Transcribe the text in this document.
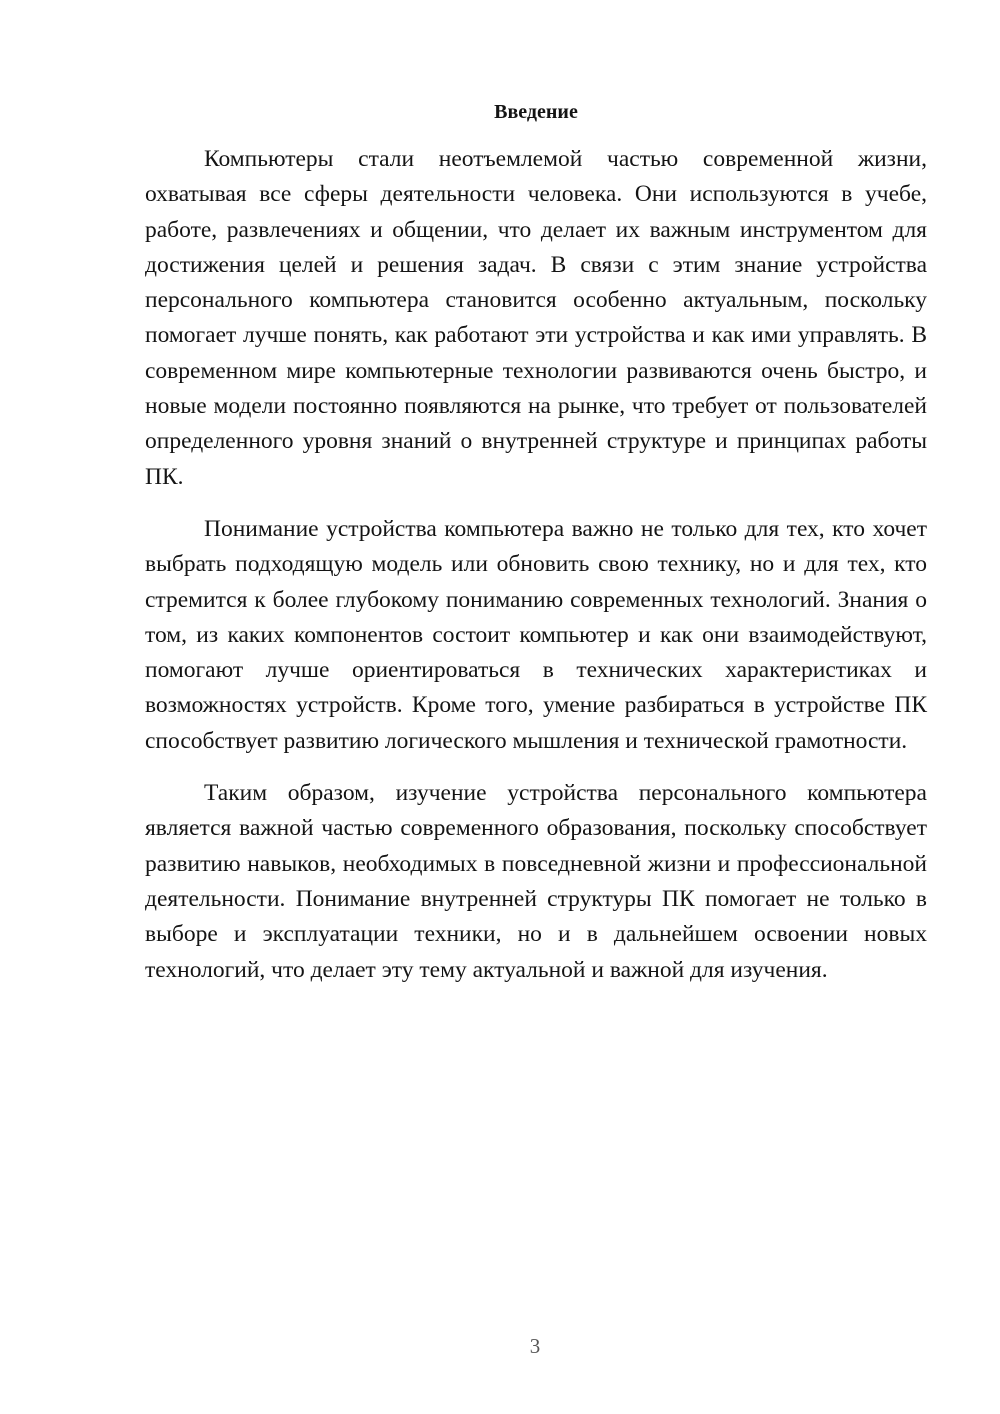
Введение

Компьютеры стали неотъемлемой частью современной жизни, охватывая все сферы деятельности человека. Они используются в учебе, работе, развлечениях и общении, что делает их важным инструментом для достижения целей и решения задач. В связи с этим знание устройства персонального компьютера становится особенно актуальным, поскольку помогает лучше понять, как работают эти устройства и как ими управлять. В современном мире компьютерные технологии развиваются очень быстро, и новые модели постоянно появляются на рынке, что требует от пользователей определенного уровня знаний о внутренней структуре и принципах работы ПК.

Понимание устройства компьютера важно не только для тех, кто хочет выбрать подходящую модель или обновить свою технику, но и для тех, кто стремится к более глубокому пониманию современных технологий. Знания о том, из каких компонентов состоит компьютер и как они взаимодействуют, помогают лучше ориентироваться в технических характеристиках и возможностях устройств. Кроме того, умение разбираться в устройстве ПК способствует развитию логического мышления и технической грамотности.

Таким образом, изучение устройства персонального компьютера является важной частью современного образования, поскольку способствует развитию навыков, необходимых в повседневной жизни и профессиональной деятельности. Понимание внутренней структуры ПК помогает не только в выборе и эксплуатации техники, но и в дальнейшем освоении новых технологий, что делает эту тему актуальной и важной для изучения.

3
